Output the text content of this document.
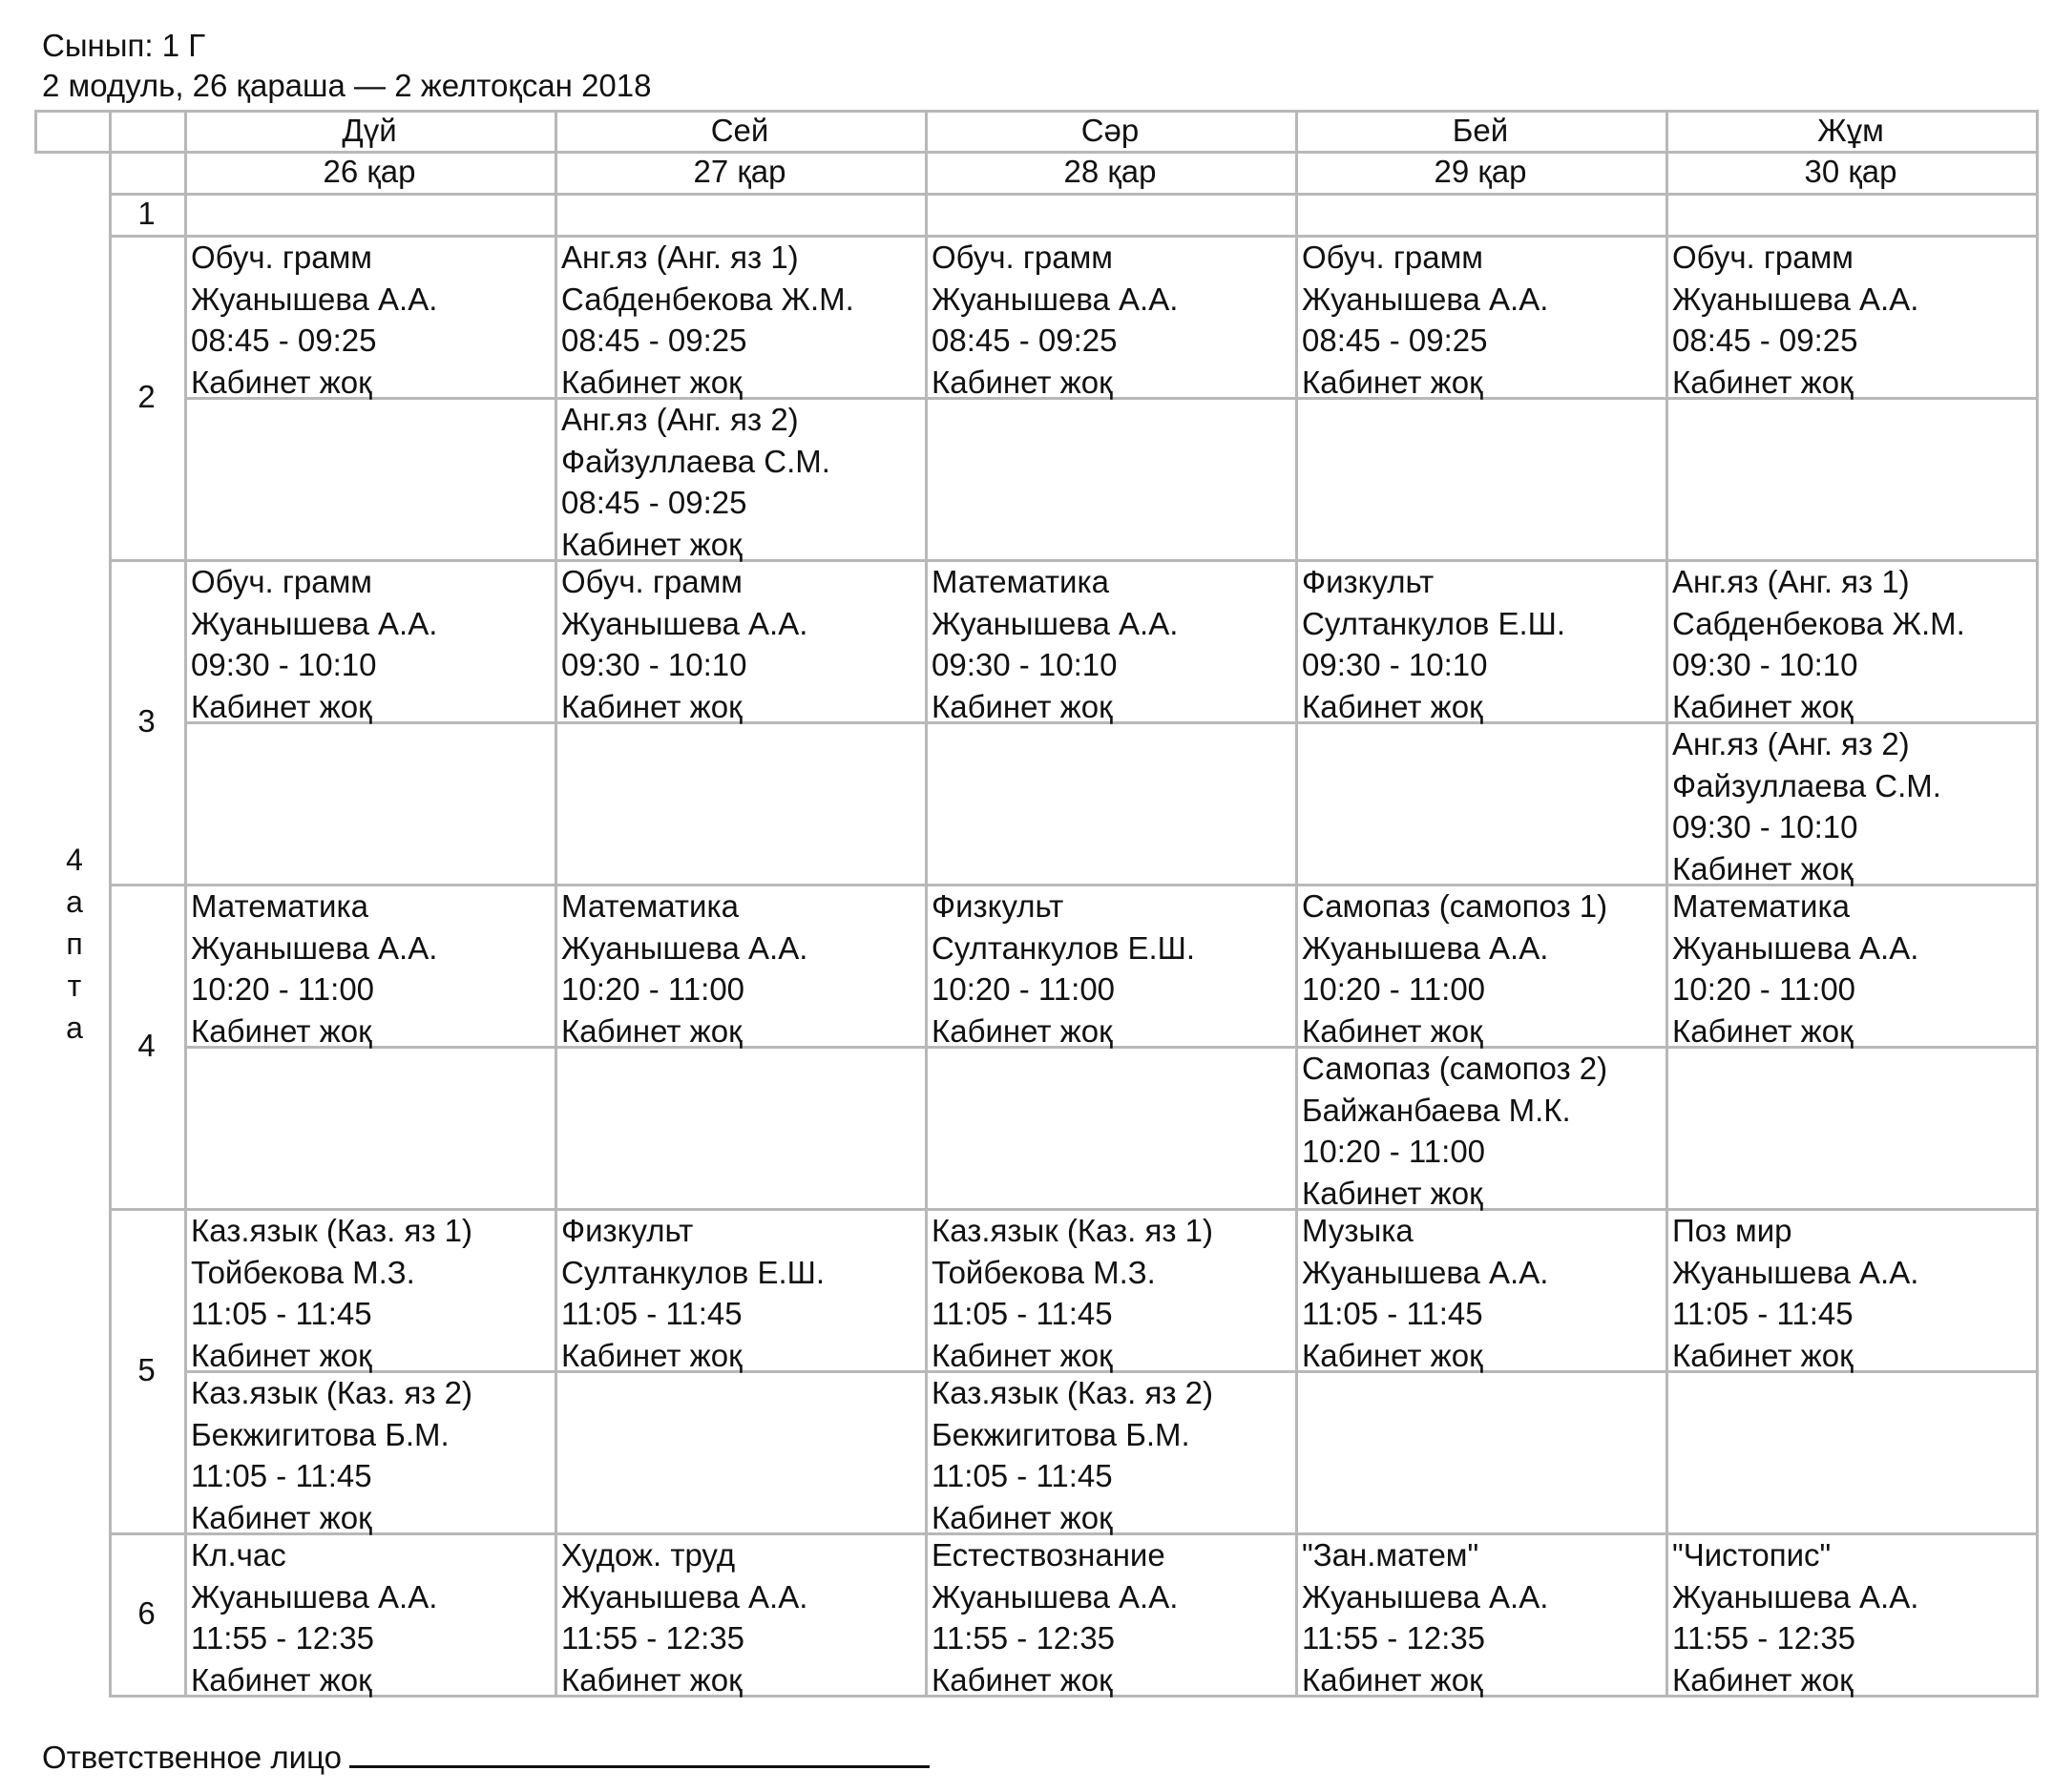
Сынып: 1 Г
2 модуль, 26 қараша — 2 желтоқсан 2018
Дүй
26 қар
Сей
27 қар
Сәр
28 қар
Бей
29 қар
Жұм
30 қар
1
2
Обуч. грамм
Жуанышева А.А.
08:45 - 09:25
Кабинет жоқ
Анг.яз (Анг. яз 1)
Сабденбекова Ж.М.
08:45 - 09:25
Кабинет жоқ
Анг.яз (Анг. яз 2)
Файзуллаева С.М.
08:45 - 09:25
Кабинет жоқ
Обуч. грамм
Жуанышева А.А.
08:45 - 09:25
Кабинет жоқ
Обуч. грамм
Жуанышева А.А.
08:45 - 09:25
Кабинет жоқ
Обуч. грамм
Жуанышева А.А.
08:45 - 09:25
Кабинет жоқ
3
Обуч. грамм
Жуанышева А.А.
09:30 - 10:10
Кабинет жоқ
Обуч. грамм
Жуанышева А.А.
09:30 - 10:10
Кабинет жоқ
Математика
Жуанышева А.А.
09:30 - 10:10
Кабинет жоқ
Физкульт
Султанкулов Е.Ш.
09:30 - 10:10
Кабинет жоқ
Анг.яз (Анг. яз 1)
Сабденбекова Ж.М.
09:30 - 10:10
Кабинет жоқ
Анг.яз (Анг. яз 2)
Файзуллаева С.М.
09:30 - 10:10
Кабинет жоқ
4
Математика
Жуанышева А.А.
10:20 - 11:00
Кабинет жоқ
Математика
Жуанышева А.А.
10:20 - 11:00
Кабинет жоқ
Физкульт
Султанкулов Е.Ш.
10:20 - 11:00
Кабинет жоқ
Самопаз (самопоз 1)
Жуанышева А.А.
10:20 - 11:00
Кабинет жоқ
Самопаз (самопоз 2)
Байжанбаева М.К.
10:20 - 11:00
Кабинет жоқ
Математика
Жуанышева А.А.
10:20 - 11:00
Кабинет жоқ
5
Каз.язык (Каз. яз 1)
Тойбекова М.З.
11:05 - 11:45
Кабинет жоқ
Каз.язык (Каз. яз 2)
Бекжигитова Б.М.
11:05 - 11:45
Кабинет жоқ
Физкульт
Султанкулов Е.Ш.
11:05 - 11:45
Кабинет жоқ
Каз.язык (Каз. яз 1)
Тойбекова М.З.
11:05 - 11:45
Кабинет жоқ
Каз.язык (Каз. яз 2)
Бекжигитова Б.М.
11:05 - 11:45
Кабинет жоқ
Музыка
Жуанышева А.А.
11:05 - 11:45
Кабинет жоқ
Поз мир
Жуанышева А.А.
11:05 - 11:45
Кабинет жоқ
6
Кл.час
Жуанышева А.А.
11:55 - 12:35
Кабинет жоқ
Худож. труд
Жуанышева А.А.
11:55 - 12:35
Кабинет жоқ
Естествознание
Жуанышева А.А.
11:55 - 12:35
Кабинет жоқ
"Зан.матем"
Жуанышева А.А.
11:55 - 12:35
Кабинет жоқ
"Чистопис"
Жуанышева А.А.
11:55 - 12:35
Кабинет жоқ
4
а
п
т
а
Ответственное лицо
